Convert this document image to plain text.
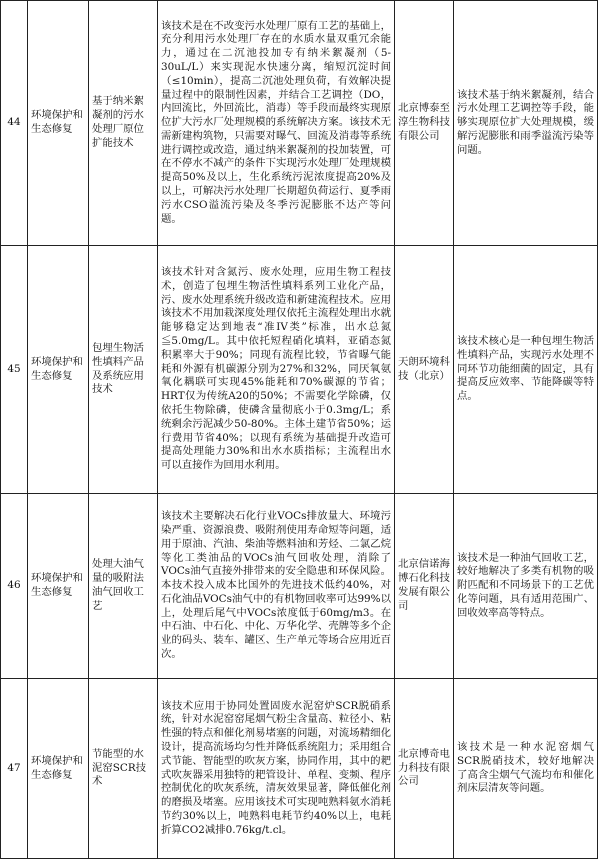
44	环境保护和生态修复	基于纳米絮凝剂的污水处理厂原位扩能技术	该技术是在不改变污水处理厂原有工艺的基础上，充分利用污水处理厂存在的水质水量双重冗余能力，通过在二沉池投加专有纳米絮凝剂（5-30uL/L）来实现泥水快速分离，缩短沉淀时间（≤10min），提高二沉池处理负荷，有效解决提量过程中的限制性因素，并结合工艺调控（DO，内回流比，外回流比，消毒）等手段而最终实现原位扩大污水厂处理规模的系统解决方案。该技术无需新建构筑物，只需要对曝气、回流及消毒等系统进行调控或改造，通过纳米絮凝剂的投加装置，可在不停水不减产的条件下实现污水处理厂处理规模提高50%及以上，生化系统污泥浓度提高20%及以上，可解决污水处理厂长期超负荷运行、夏季雨污水CSO溢流污染及冬季污泥膨胀不达产等问题。	北京博泰至淳生物科技有限公司	该技术基于纳米絮凝剂，结合污水处理工艺调控等手段，能够实现原位扩大处理规模，缓解污泥膨胀和雨季溢流污染等问题。
45	环境保护和生态修复	包埋生物活性填料产品及系统应用技术	该技术针对含氮污、废水处理，应用生物工程技术，创造了包埋生物活性填料系列工业化产品，污、废水处理系统升级改造和新建流程技术。应用该技术不用加栽深度处理仅依托主流程处理出水就能够稳定达到地表“准IV类”标准，出水总氮≦5.0mg/L。其中依托短程硝化填料，亚硝态氮积累率大于90%；同现有流程比较，节省曝气能耗和外源有机碳源分别为27%和32%，同厌氧氨氧化耦联可实现45%能耗和70%碳源的节省；HRT仅为传统A20的50%；不需要化学除磷，仅依托生物除磷，使磷含量彻底小于0.3mg/L；系统剩余污泥减少50-80%。主体土建节省50%；运行费用节省40%；以现有系统为基础提升改造可提高处理能力30%和出水水质指标；主流程出水可以直接作为回用水利用。	天朗环境科技（北京）	该技术核心是一种包埋生物活性填料产品，实现污水处理不同环节功能细菌的固定，具有提高反应效率、节能降碳等特点。
46	环境保护和生态修复	处理大油气量的吸附法油气回收工艺	该技术主要解决石化行业VOCs排放量大、环境污染严重、资源浪费、吸附剂使用寿命短等问题，适用于原油、汽油、柴油等燃料油和芳烃、二氯乙烷等化工类油品的VOCs油气回收处理，消除了VOCs油气直接外排带来的安全隐患和环保风险。本技术投入成本比国外的先进技术低约40%，对石化油品VOCs油气中的有机物回收率可达99%以上，处理后尾气中VOCs浓度低于60mg/m3。在中石油、中石化、中化、万华化学、壳牌等多个企业的码头、装车、罐区、生产单元等场合应用近百次。	北京信诺海博石化科技发展有限公司	该技术是一种油气回收工艺，较好地解决了多类有机物的吸附匹配和不同场景下的工艺优化等问题，具有适用范围广、回收效率高等特点。
47	环境保护和生态修复	节能型的水泥窑SCR技术	该技术应用于协同处置固废水泥窑炉SCR脱硝系统，针对水泥窑窑尾烟气粉尘含量高、粒径小、粘性强的特点和催化剂易堵塞的问题，对流场精细化设计，提高流场均匀性并降低系统阻力；采用组合式节能、智能型的吹灰方案，协同作用，其中的耙式吹灰器采用独特的耙管设计、单程、变频、程序控制优化的吹灰系统，清灰效果显著，降低催化剂的磨损及堵塞。应用该技术可实现吨熟料氨水消耗节约30%以上，吨熟料电耗节约40%以上，电耗折算CO2减排0.76kg/t.cl。	北京博奇电力科技有限公司	该技术是一种水泥窑烟气SCR脱硝技术，较好地解决了高含尘烟气气流均布和催化剂床层清灰等问题。
